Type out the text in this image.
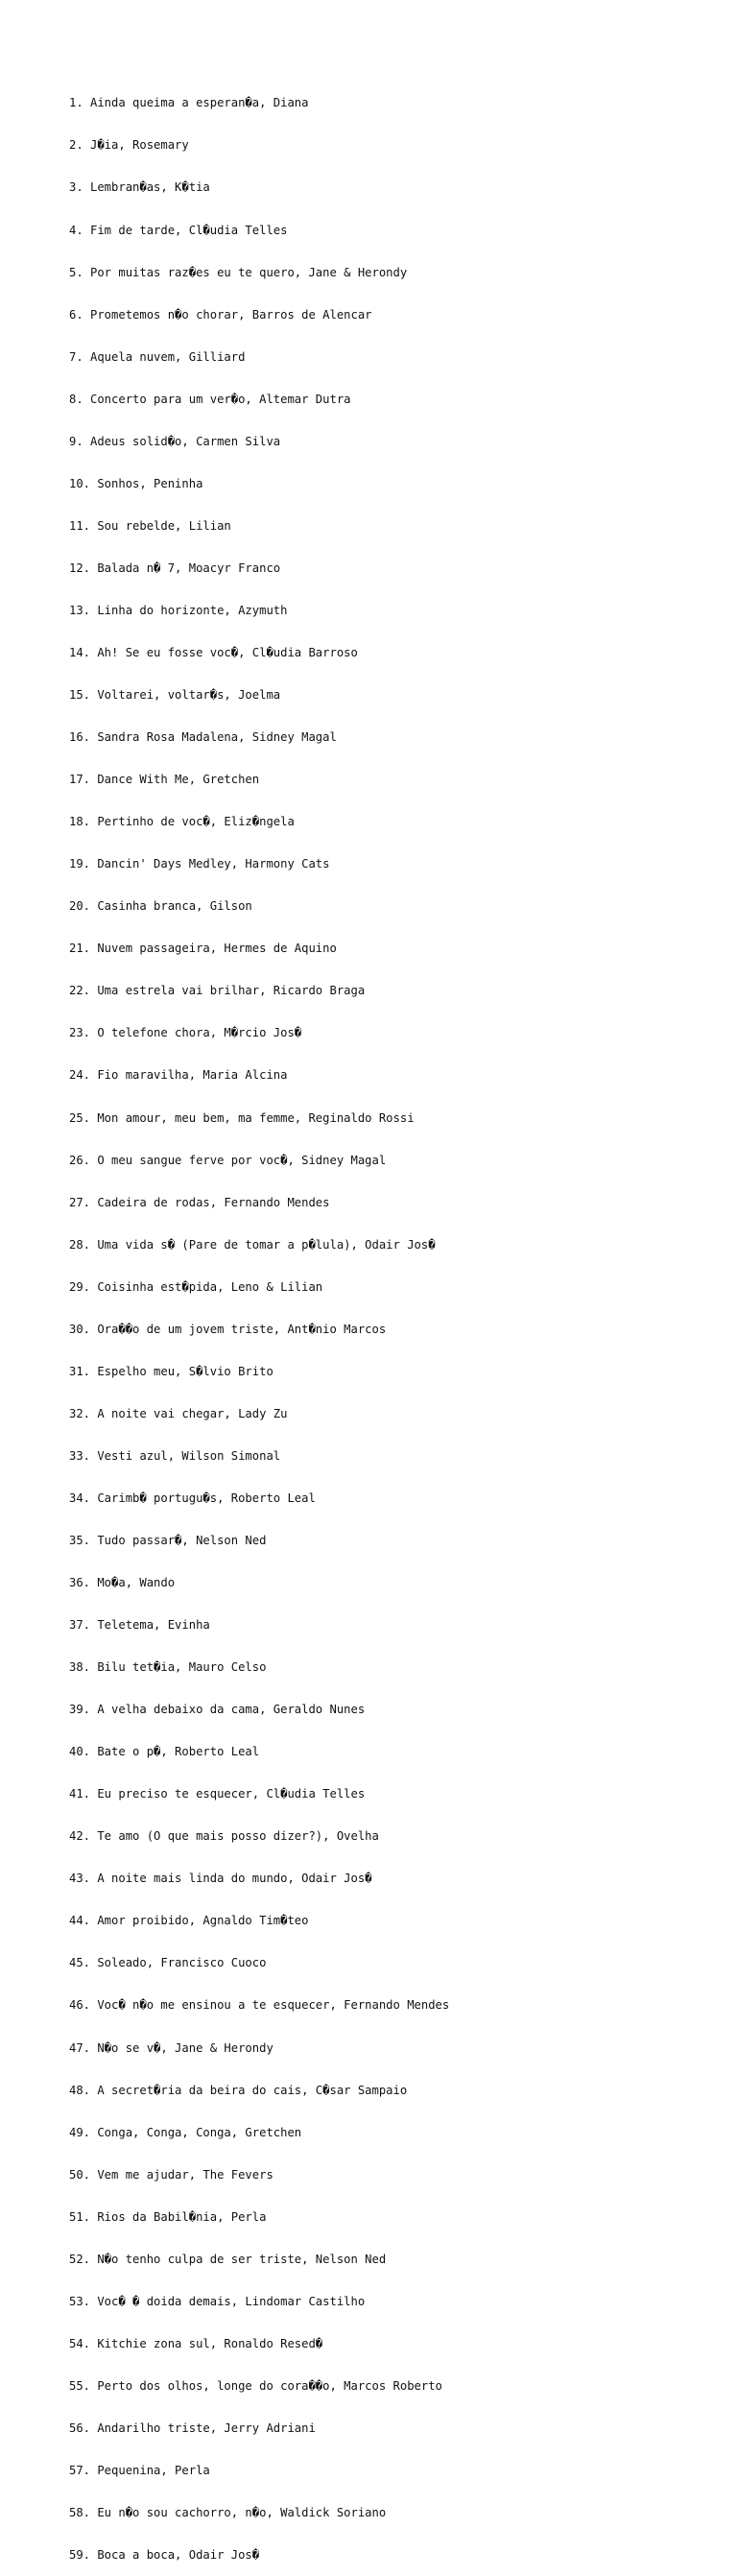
1. Ainda queima a esperan�a, Diana

2. J�ia, Rosemary

3. Lembran�as, K�tia

4. Fim de tarde, Cl�udia Telles

5. Por muitas raz�es eu te quero, Jane & Herondy

6. Prometemos n�o chorar, Barros de Alencar

7. Aquela nuvem, Gilliard

8. Concerto para um ver�o, Altemar Dutra

9. Adeus solid�o, Carmen Silva

10. Sonhos, Peninha

11. Sou rebelde, Lilian

12. Balada n� 7, Moacyr Franco

13. Linha do horizonte, Azymuth

14. Ah! Se eu fosse voc�, Cl�udia Barroso

15. Voltarei, voltar�s, Joelma

16. Sandra Rosa Madalena, Sidney Magal

17. Dance With Me, Gretchen

18. Pertinho de voc�, Eliz�ngela

19. Dancin' Days Medley, Harmony Cats

20. Casinha branca, Gilson

21. Nuvem passageira, Hermes de Aquino

22. Uma estrela vai brilhar, Ricardo Braga

23. O telefone chora, M�rcio Jos�

24. Fio maravilha, Maria Alcina

25. Mon amour, meu bem, ma femme, Reginaldo Rossi

26. O meu sangue ferve por voc�, Sidney Magal

27. Cadeira de rodas, Fernando Mendes

28. Uma vida s� (Pare de tomar a p�lula), Odair Jos�

29. Coisinha est�pida, Leno & Lilian

30. Ora��o de um jovem triste, Ant�nio Marcos

31. Espelho meu, S�lvio Brito

32. A noite vai chegar, Lady Zu

33. Vesti azul, Wilson Simonal

34. Carimb� portugu�s, Roberto Leal

35. Tudo passar�, Nelson Ned

36. Mo�a, Wando

37. Teletema, Evinha

38. Bilu tet�ia, Mauro Celso

39. A velha debaixo da cama, Geraldo Nunes

40. Bate o p�, Roberto Leal

41. Eu preciso te esquecer, Cl�udia Telles

42. Te amo (O que mais posso dizer?), Ovelha

43. A noite mais linda do mundo, Odair Jos�

44. Amor proibido, Agnaldo Tim�teo

45. Soleado, Francisco Cuoco

46. Voc� n�o me ensinou a te esquecer, Fernando Mendes

47. N�o se v�, Jane & Herondy

48. A secret�ria da beira do cais, C�sar Sampaio

49. Conga, Conga, Conga, Gretchen

50. Vem me ajudar, The Fevers

51. Rios da Babil�nia, Perla

52. N�o tenho culpa de ser triste, Nelson Ned

53. Voc� � doida demais, Lindomar Castilho

54. Kitchie zona sul, Ronaldo Resed�

55. Perto dos olhos, longe do cora��o, Marcos Roberto

56. Andarilho triste, Jerry Adriani

57. Pequenina, Perla

58. Eu n�o sou cachorro, n�o, Waldick Soriano

59. Boca a boca, Odair Jos�
